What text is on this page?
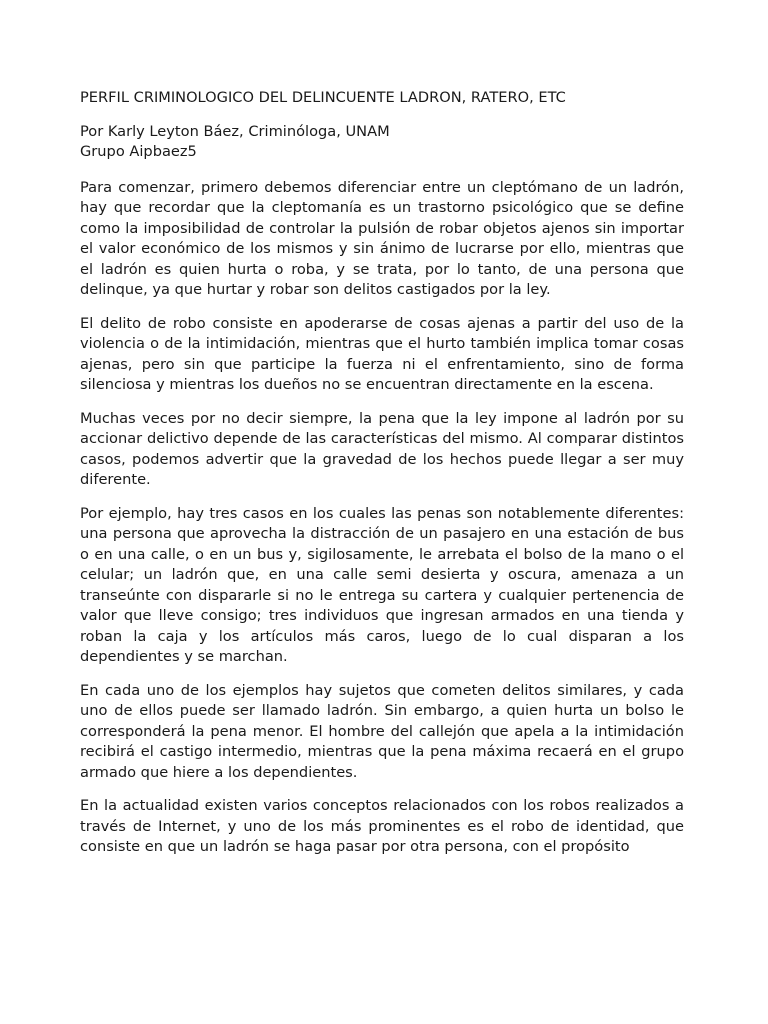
PERFIL CRIMINOLOGICO DEL DELINCUENTE LADRON, RATERO, ETC
Por Karly Leyton Báez, Criminóloga, UNAM
Grupo Aipbaez5

Para comenzar, primero debemos diferenciar entre un cleptómano de un ladrón, hay que recordar que la cleptomanía es un trastorno psicológico que se define como la imposibilidad de controlar la pulsión de robar objetos ajenos sin importar el valor económico de los mismos y sin ánimo de lucrarse por ello, mientras que el ladrón es quien hurta o roba, y se trata, por lo tanto, de una persona que delinque, ya que hurtar y robar son delitos castigados por la ley.

El delito de robo consiste en apoderarse de cosas ajenas a partir del uso de la violencia o de la intimidación, mientras que el hurto también implica tomar cosas ajenas, pero sin que participe la fuerza ni el enfrentamiento, sino de forma silenciosa y mientras los dueños no se encuentran directamente en la escena.

Muchas veces por no decir siempre, la pena que la ley impone al ladrón por su accionar delictivo depende de las características del mismo. Al comparar distintos casos, podemos advertir que la gravedad de los hechos puede llegar a ser muy diferente.

Por ejemplo, hay tres casos en los cuales las penas son notablemente diferentes: una persona que aprovecha la distracción de un pasajero en una estación de bus o en una calle, o en un bus y, sigilosamente, le arrebata el bolso de la mano o el celular; un ladrón que, en una calle semi desierta y oscura, amenaza a un transeúnte con dispararle si no le entrega su cartera y cualquier pertenencia de valor que lleve consigo; tres individuos que ingresan armados en una tienda y roban la caja y los artículos más caros, luego de lo cual disparan a los dependientes y se marchan.

En cada uno de los ejemplos hay sujetos que cometen delitos similares, y cada uno de ellos puede ser llamado ladrón. Sin embargo, a quien hurta un bolso le corresponderá la pena menor. El hombre del callejón que apela a la intimidación recibirá el castigo intermedio, mientras que la pena máxima recaerá en el grupo armado que hiere a los dependientes.

En la actualidad existen varios conceptos relacionados con los robos realizados a través de Internet, y uno de los más prominentes es el robo de identidad, que consiste en que un ladrón se haga pasar por otra persona, con el propósito
